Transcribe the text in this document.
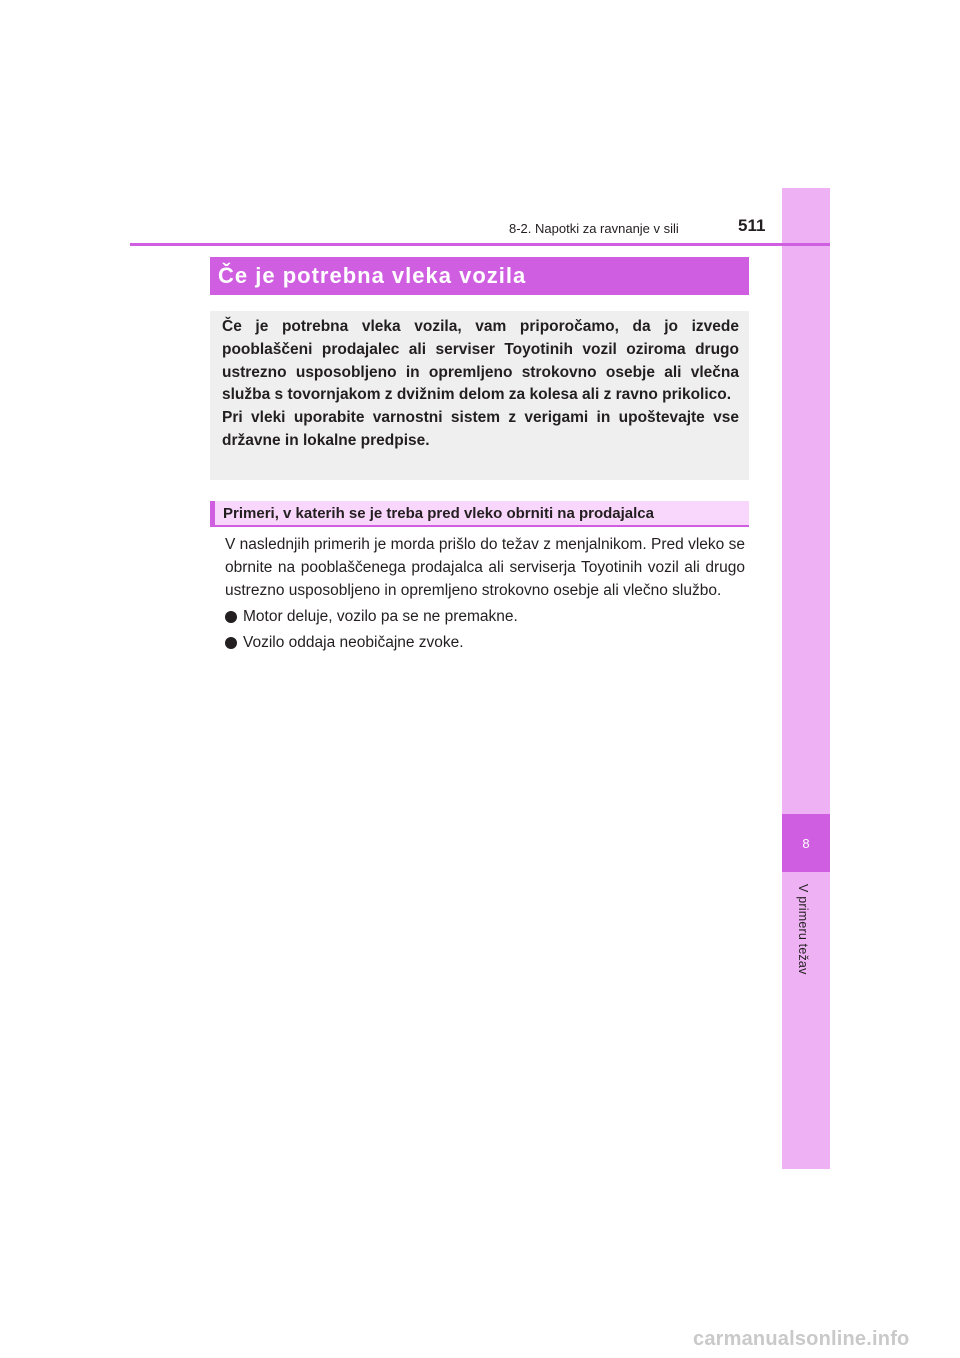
8
V primeru težav
8-2. Napotki za ravnanje v sili	511
Če je potrebna vleka vozila

Če je potrebna vleka vozila, vam priporočamo, da jo izvede pooblaščeni prodajalec ali serviser Toyotinih vozil oziroma drugo ustrezno usposobljeno in opremljeno strokovno osebje ali vlečna služba s tovornjakom z dvižnim delom za kolesa ali z ravno prikolico.

Pri vleki uporabite varnostni sistem z verigami in upoštevajte vse državne in lokalne predpise.

Primeri, v katerih se je treba pred vleko obrniti na prodajalca

V naslednjih primerih je morda prišlo do težav z menjalnikom. Pred vleko se obrnite na pooblaščenega prodajalca ali serviserja Toyotinih vozil ali drugo ustrezno usposobljeno in opremljeno strokovno osebje ali vlečno službo.

Motor deluje, vozilo pa se ne premakne.
Vozilo oddaja neobičajne zvoke.
carmanualsonline.info
